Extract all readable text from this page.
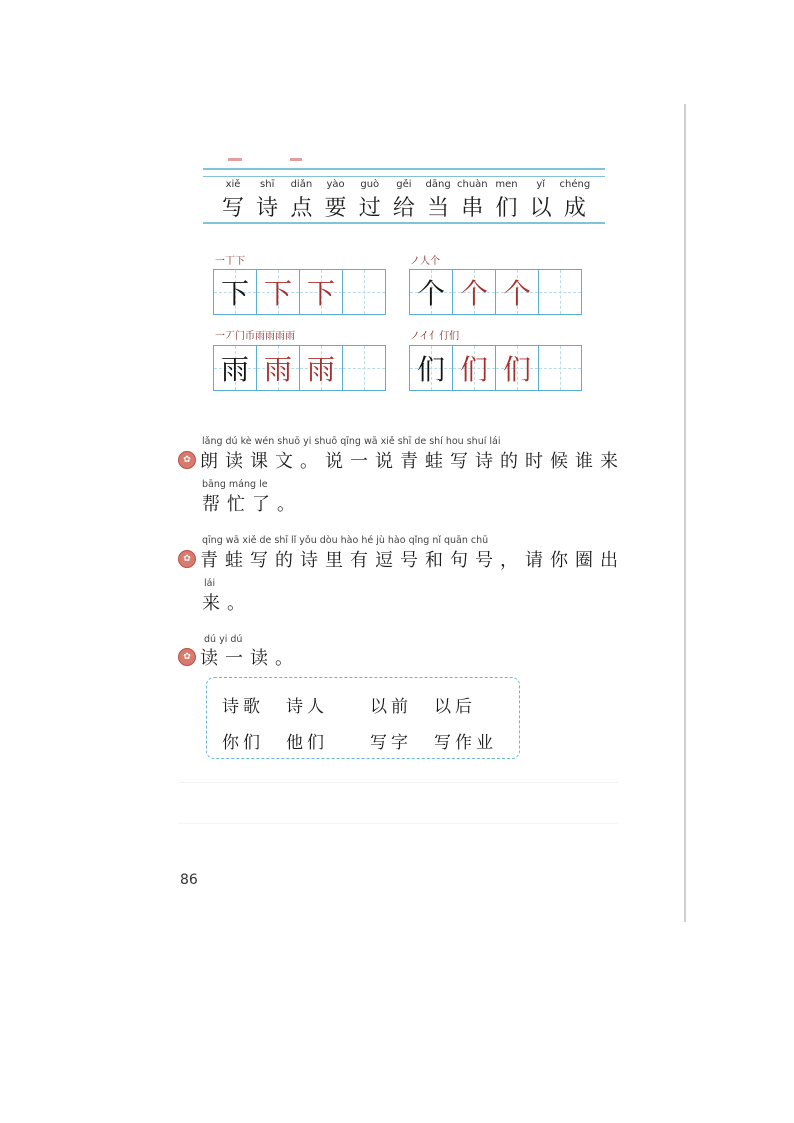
xiě	shī	diǎn	yào	guò	gěi	dāng chuàn men	yǐ	chéng
写 诗 点 要 过 给 当 串 们 以 成
一丅下
下 下 下
ノ人个
个 个 个
一丆门币雨雨雨雨
雨 雨 雨
ノイ亻仃们
们 们 们
lǎng dú kè wén shuō yi shuō qīng wā xiě shī de shí hou shuí lái
✿ 朗读课文。说一说青蛙写诗的时候谁来
bāng máng le
帮忙了。
qīng wā xiě de shī lǐ yǒu dòu hào hé jù hào qǐng nǐ quān chū
✿ 青蛙写的诗里有逗号和句号，请你圈出
lái
来。
dú yi dú
✿ 读一读。
诗歌 诗人 以前 以后
你们 他们 写字 写作业
86
